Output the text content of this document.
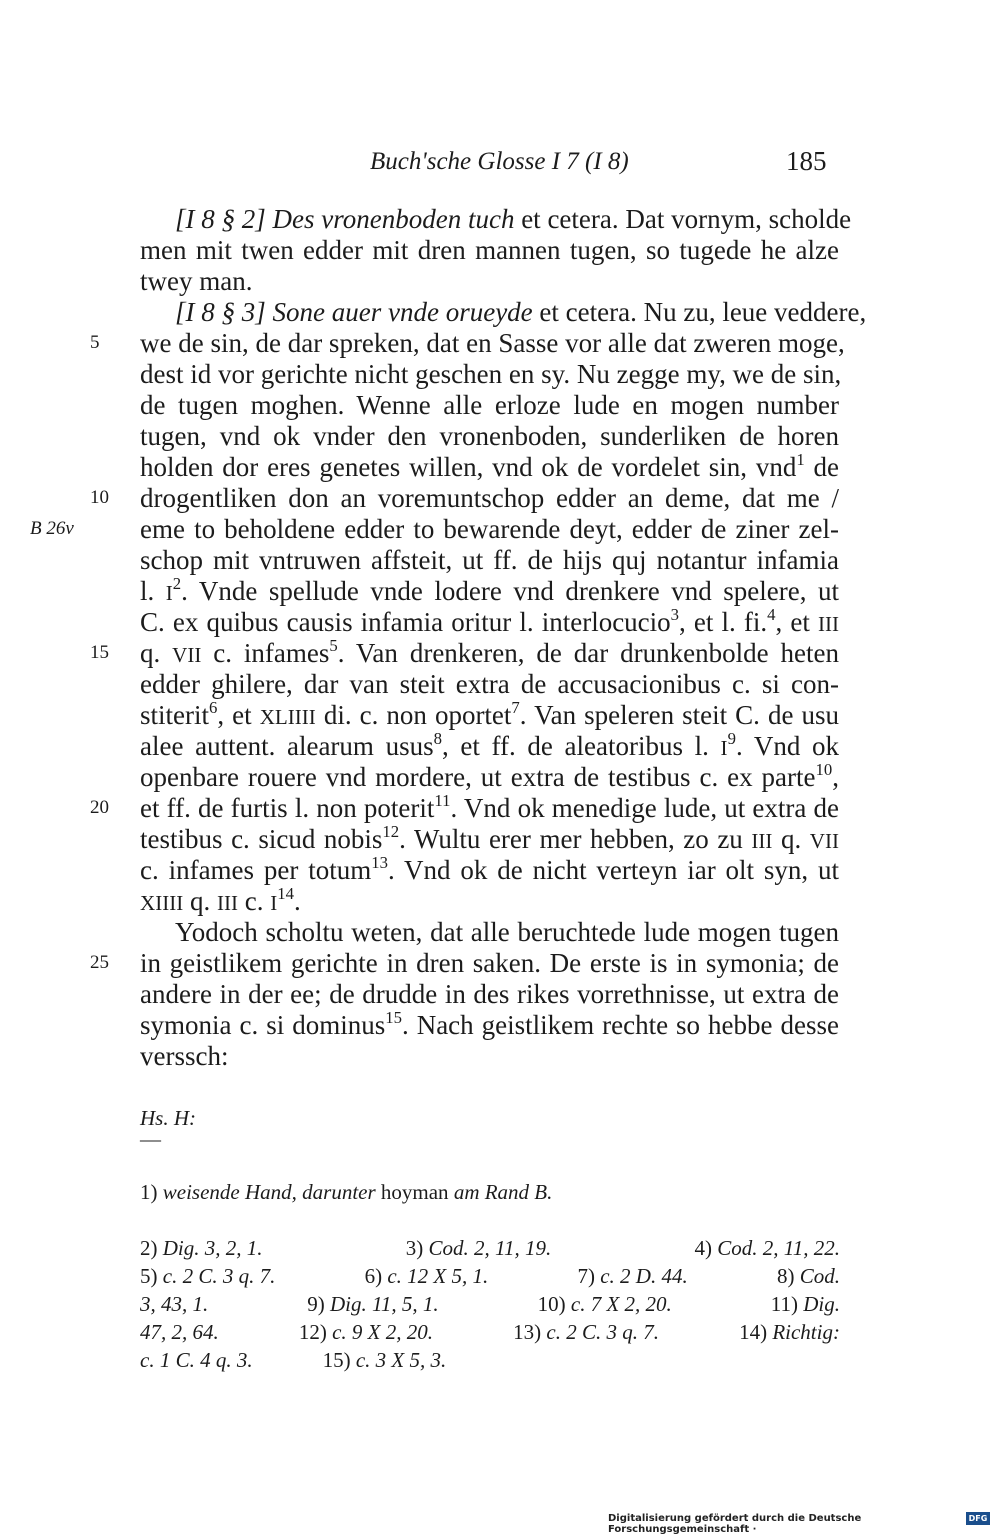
Buch'sche Glosse I 7 (I 8)	185
5
10
15
20
25
B 26v
[I 8 § 2] Des vronenboden tuch et cetera. Dat vornym, scholde
men mit twen edder mit dren mannen tugen, so tugede he alze
twey man.
[I 8 § 3] Sone auer vnde orueyde et cetera. Nu zu, leue veddere,
we de sin, de dar spreken, dat en Sasse vor alle dat zweren moge,
dest id vor gerichte nicht geschen en sy. Nu zegge my, we de sin,
de tugen moghen. Wenne alle erloze lude en mogen number
tugen, vnd ok vnder den vronenboden, sunderliken de horen
holden dor eres genetes willen, vnd ok de vordelet sin, vnd$^1$ de
drogentliken don an voremuntschop edder an deme, dat me /
eme to beholdene edder to bewarende deyt, edder de ziner zel-
schop mit vntruwen affsteit, ut ff. de hijs quj notantur infamia
l. $I^2$. Vnde spellude vnde lodere vnd drenkere vnd spelere, ut
C. ex quibus causis infamia oritur l. interlocucio$^3$, et l. fi.$^4$, et III
q. VII c. infames$^5$. Van drenkeren, de dar drunkenbolde heten
edder ghilere, dar van steit extra de accusacionibus c. si con-
stiterit$^6$, et XLIIII di. c. non oportet$^7$. Van speleren steit C. de usu
alee auttent. alearum usus$^8$, et ff. de aleatoribus l. $I^9$. Vnd ok
openbare rouere vnd mordere, ut extra de testibus c. ex parte$^{10}$,
et ff. de furtis l. non poterit$^{11}$. Vnd ok menedige lude, ut extra de
testibus c. sicud nobis$^{12}$. Wultu erer mer hebben, zo zu III q. VII
c. infames per totum$^{13}$. Vnd ok de nicht verteyn iar olt syn, ut
XIIII q. III c. $I^{14}$.
Yodoch scholtu weten, dat alle beruchtede lude mogen tugen
in geistlikem gerichte in dren saken. De erste is in symonia; de
andere in der ee; de drudde in des rikes vorrethnisse, ut extra de
symonia c. si dominus$^{15}$. Nach geistlikem rechte so hebbe desse
verssch:
Hs. H:
—
1) weisende Hand, darunter hoyman am Rand B.
2) Dig. 3, 2, 1.	3) Cod. 2, 11, 19.	4) Cod. 2, 11, 22.
5) c. 2 C. 3 q. 7.	6) c. 12 X 5, 1.	7) c. 2 D. 44.	8) Cod.
3, 43, 1.	9) Dig. 11, 5, 1.	10) c. 7 X 2, 20.	11) Dig.
47, 2, 64.	12) c. 9 X 2, 20.	13) c. 2 C. 3 q. 7.	14) Richtig:
c. 1 C. 4 q. 3.	15) c. 3 X 5, 3.
Digitalisierung gefördert durch die Deutsche Forschungsgemeinschaft ·
DFG
